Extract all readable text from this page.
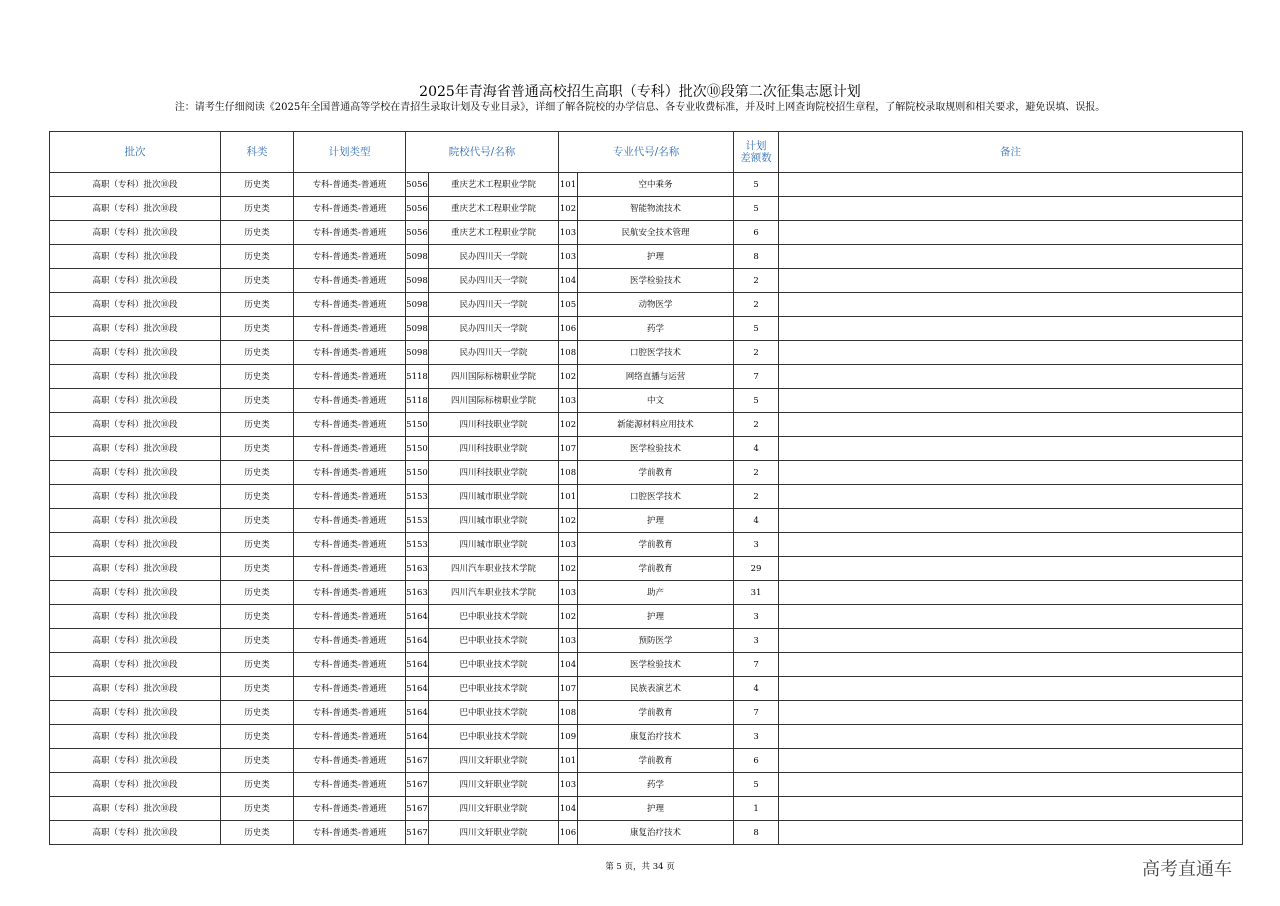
2025年青海省普通高校招生高职（专科）批次⑩段第二次征集志愿计划
注：请考生仔细阅读《2025年全国普通高等学校在青招生录取计划及专业目录》，详细了解各院校的办学信息、各专业收费标准，并及时上网查询院校招生章程，了解院校录取规则和相关要求，避免误填、误报。
批次	科类	计划类型	院校代号/名称		专业代号/名称		计划
差额数	备注
高职（专科）批次⑩段	历史类	专科-普通类-普通班	5056	重庆艺术工程职业学院	101	空中乘务	5	
高职（专科）批次⑩段	历史类	专科-普通类-普通班	5056	重庆艺术工程职业学院	102	智能物流技术	5	
高职（专科）批次⑩段	历史类	专科-普通类-普通班	5056	重庆艺术工程职业学院	103	民航安全技术管理	6	
高职（专科）批次⑩段	历史类	专科-普通类-普通班	5098	民办四川天一学院	103	护理	8	
高职（专科）批次⑩段	历史类	专科-普通类-普通班	5098	民办四川天一学院	104	医学检验技术	2	
高职（专科）批次⑩段	历史类	专科-普通类-普通班	5098	民办四川天一学院	105	动物医学	2	
高职（专科）批次⑩段	历史类	专科-普通类-普通班	5098	民办四川天一学院	106	药学	5	
高职（专科）批次⑩段	历史类	专科-普通类-普通班	5098	民办四川天一学院	108	口腔医学技术	2	
高职（专科）批次⑩段	历史类	专科-普通类-普通班	5118	四川国际标榜职业学院	102	网络直播与运营	7	
高职（专科）批次⑩段	历史类	专科-普通类-普通班	5118	四川国际标榜职业学院	103	中文	5	
高职（专科）批次⑩段	历史类	专科-普通类-普通班	5150	四川科技职业学院	102	新能源材料应用技术	2	
高职（专科）批次⑩段	历史类	专科-普通类-普通班	5150	四川科技职业学院	107	医学检验技术	4	
高职（专科）批次⑩段	历史类	专科-普通类-普通班	5150	四川科技职业学院	108	学前教育	2	
高职（专科）批次⑩段	历史类	专科-普通类-普通班	5153	四川城市职业学院	101	口腔医学技术	2	
高职（专科）批次⑩段	历史类	专科-普通类-普通班	5153	四川城市职业学院	102	护理	4	
高职（专科）批次⑩段	历史类	专科-普通类-普通班	5153	四川城市职业学院	103	学前教育	3	
高职（专科）批次⑩段	历史类	专科-普通类-普通班	5163	四川汽车职业技术学院	102	学前教育	29	
高职（专科）批次⑩段	历史类	专科-普通类-普通班	5163	四川汽车职业技术学院	103	助产	31	
高职（专科）批次⑩段	历史类	专科-普通类-普通班	5164	巴中职业技术学院	102	护理	3	
高职（专科）批次⑩段	历史类	专科-普通类-普通班	5164	巴中职业技术学院	103	预防医学	3	
高职（专科）批次⑩段	历史类	专科-普通类-普通班	5164	巴中职业技术学院	104	医学检验技术	7	
高职（专科）批次⑩段	历史类	专科-普通类-普通班	5164	巴中职业技术学院	107	民族表演艺术	4	
高职（专科）批次⑩段	历史类	专科-普通类-普通班	5164	巴中职业技术学院	108	学前教育	7	
高职（专科）批次⑩段	历史类	专科-普通类-普通班	5164	巴中职业技术学院	109	康复治疗技术	3	
高职（专科）批次⑩段	历史类	专科-普通类-普通班	5167	四川文轩职业学院	101	学前教育	6	
高职（专科）批次⑩段	历史类	专科-普通类-普通班	5167	四川文轩职业学院	103	药学	5	
高职（专科）批次⑩段	历史类	专科-普通类-普通班	5167	四川文轩职业学院	104	护理	1	
高职（专科）批次⑩段	历史类	专科-普通类-普通班	5167	四川文轩职业学院	106	康复治疗技术	8	
第 5 页，共 34 页	高考直通车
